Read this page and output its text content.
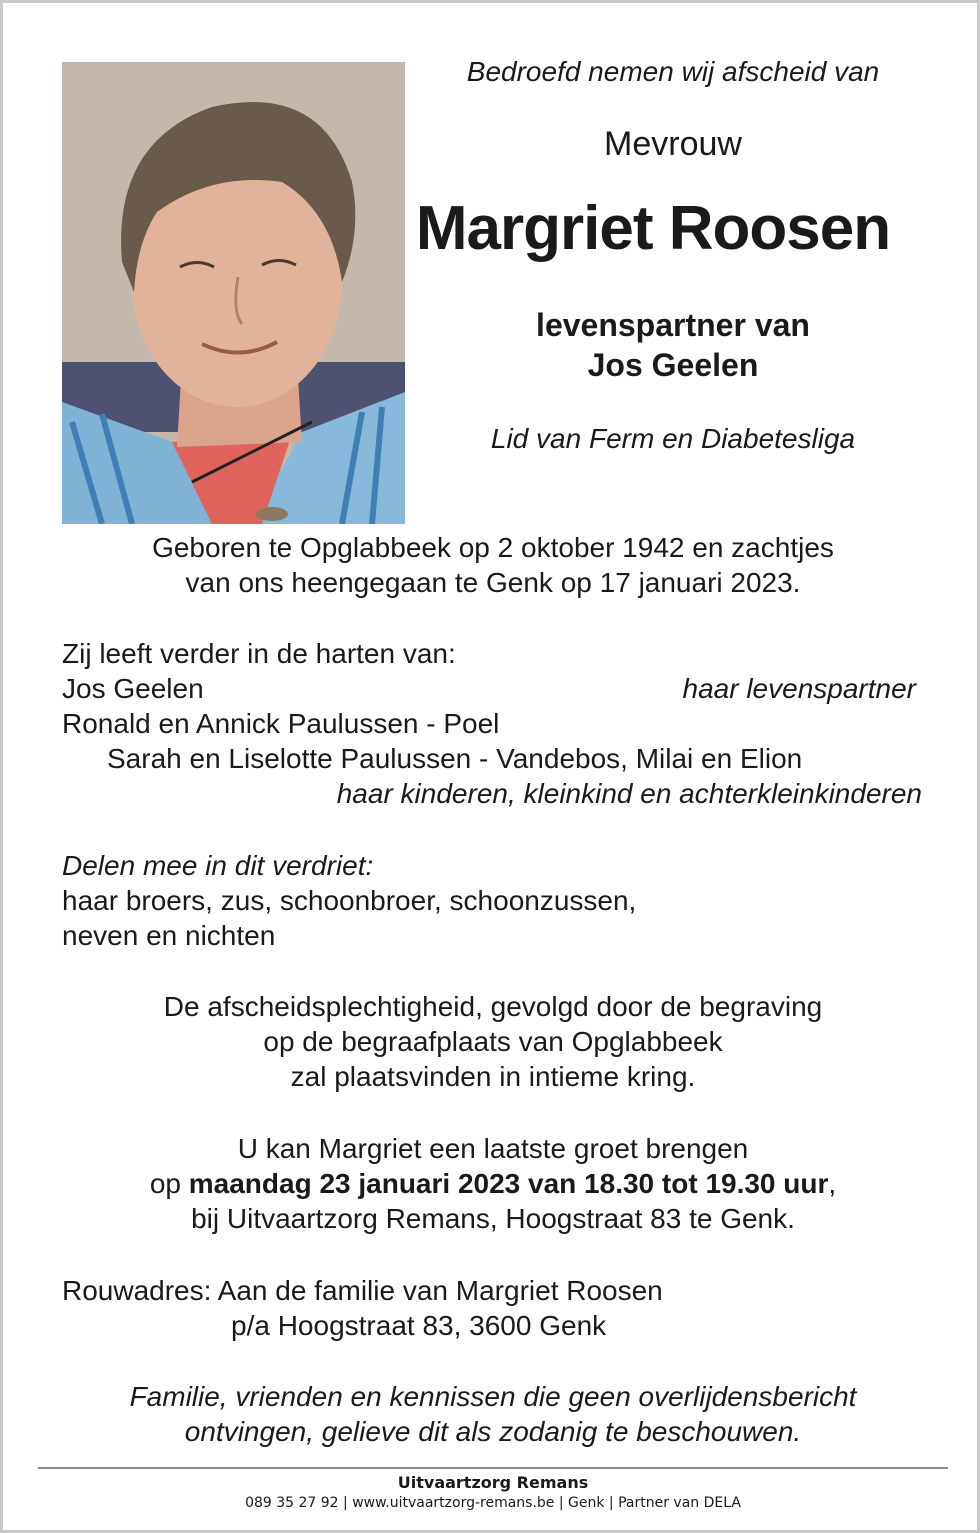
Bedroefd nemen wij afscheid van
Mevrouw
Margriet Roosen
levenspartner van
Jos Geelen
Lid van Ferm en Diabetesliga
Geboren te Opglabbeek op 2 oktober 1942 en zachtjes
van ons heengegaan te Genk op 17 januari 2023.
Zij leeft verder in de harten van:
Jos Geelen	haar levenspartner
Ronald en Annick Paulussen - Poel
Sarah en Liselotte Paulussen - Vandebos, Milai en Elion
haar kinderen, kleinkind en achterkleinkinderen
Delen mee in dit verdriet:
haar broers, zus, schoonbroer, schoonzussen,
neven en nichten
De afscheidsplechtigheid, gevolgd door de begraving
op de begraafplaats van Opglabbeek
zal plaatsvinden in intieme kring.
U kan Margriet een laatste groet brengen
op maandag 23 januari 2023 van 18.30 tot 19.30 uur,
bij Uitvaartzorg Remans, Hoogstraat 83 te Genk.
Rouwadres: Aan de familie van Margriet Roosen
p/a Hoogstraat 83, 3600 Genk
Familie, vrienden en kennissen die geen overlijdensbericht
ontvingen, gelieve dit als zodanig te beschouwen.
Uitvaartzorg Remans
089 35 27 92 | www.uitvaartzorg-remans.be | Genk | Partner van DELA
